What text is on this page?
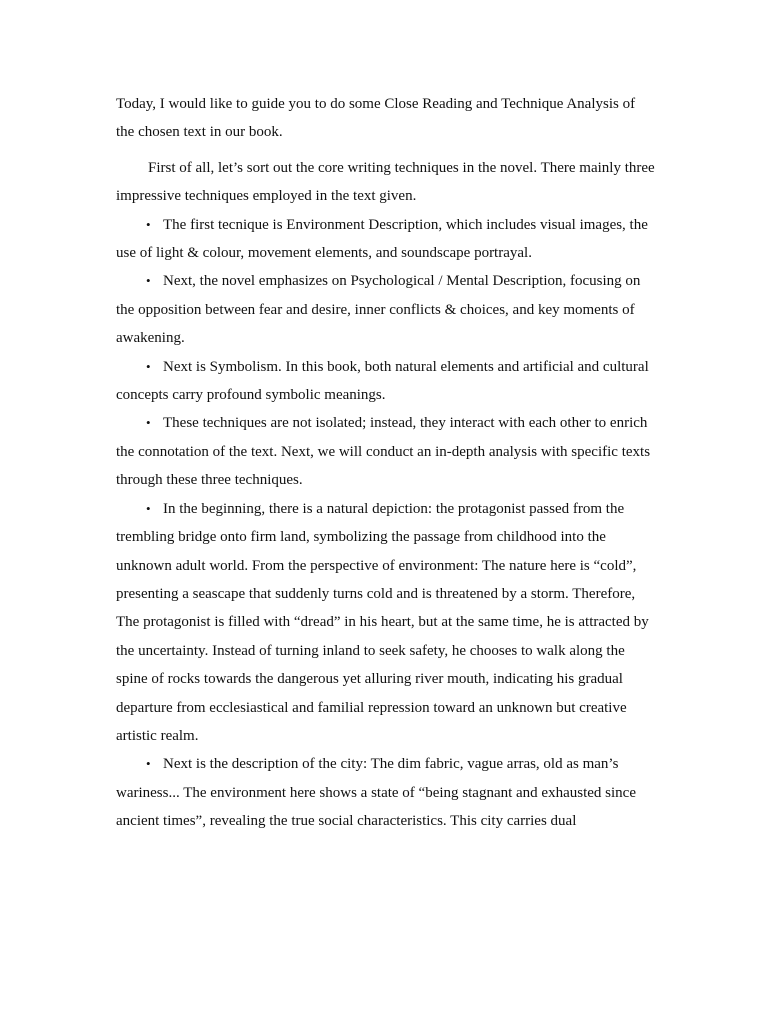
Today, I would like to guide you to do some Close Reading and Technique Analysis of the chosen text in our book.

First of all, let’s sort out the core writing techniques in the novel. There mainly three impressive techniques employed in the text given.

• The first tecnique is Environment Description, which includes visual images, the use of light & colour, movement elements, and soundscape portrayal.

• Next, the novel emphasizes on Psychological / Mental Description, focusing on the opposition between fear and desire, inner conflicts & choices, and key moments of awakening.

• Next is Symbolism. In this book, both natural elements and artificial and cultural concepts carry profound symbolic meanings.

• These techniques are not isolated; instead, they interact with each other to enrich the connotation of the text. Next, we will conduct an in-depth analysis with specific texts through these three techniques.

• In the beginning, there is a natural depiction: the protagonist passed from the trembling bridge onto firm land, symbolizing the passage from childhood into the unknown adult world. From the perspective of environment: The nature here is “cold”, presenting a seascape that suddenly turns cold and is threatened by a storm. Therefore, The protagonist is filled with “dread” in his heart, but at the same time, he is attracted by the uncertainty. Instead of turning inland to seek safety, he chooses to walk along the spine of rocks towards the dangerous yet alluring river mouth, indicating his gradual departure from ecclesiastical and familial repression toward an unknown but creative artistic realm.

• Next is the description of the city: The dim fabric, vague arras, old as man’s wariness... The environment here shows a state of “being stagnant and exhausted since ancient times”, revealing the true social characteristics. This city carries dual
